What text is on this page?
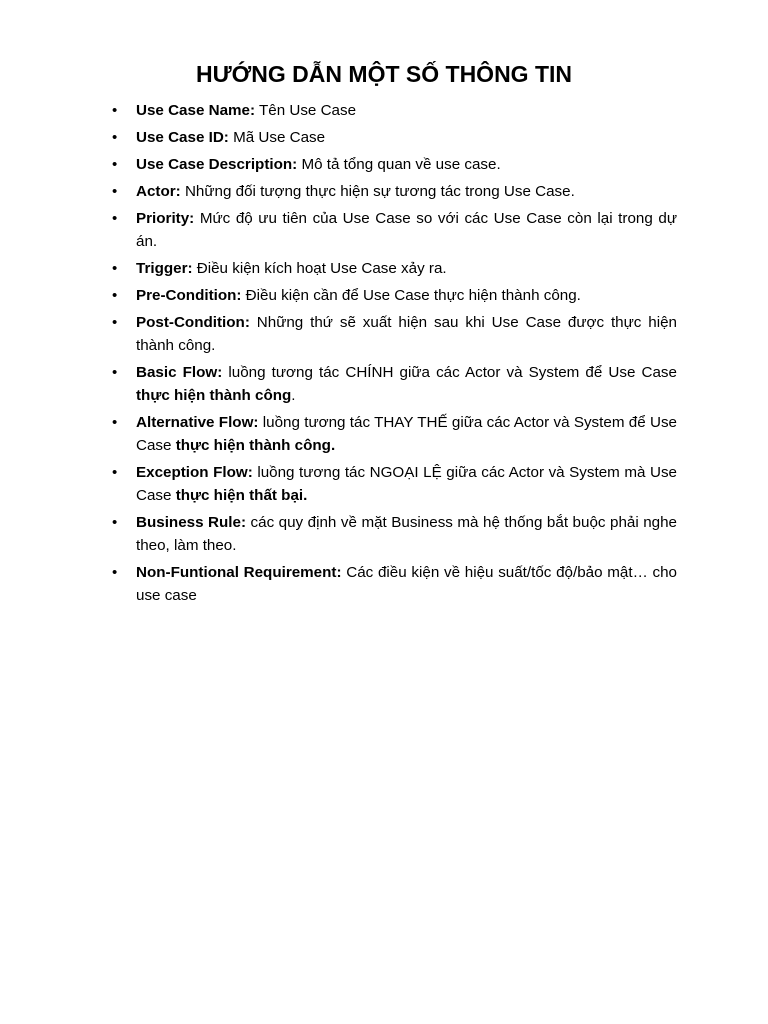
HƯỚNG DẪN MỘT SỐ THÔNG TIN
• Use Case Name: Tên Use Case
• Use Case ID: Mã Use Case
• Use Case Description: Mô tả tổng quan về use case.
• Actor: Những đối tượng thực hiện sự tương tác trong Use Case.
• Priority: Mức độ ưu tiên của Use Case so với các Use Case còn lại trong dự án.
• Trigger: Điều kiện kích hoạt Use Case xảy ra.
• Pre-Condition: Điều kiện cần để Use Case thực hiện thành công.
• Post-Condition: Những thứ sẽ xuất hiện sau khi Use Case được thực hiện thành công.
• Basic Flow: luồng tương tác CHÍNH giữa các Actor và System để Use Case thực hiện thành công.
• Alternative Flow: luồng tương tác THAY THẾ giữa các Actor và System để Use Case thực hiện thành công.
• Exception Flow: luồng tương tác NGOẠI LỆ giữa các Actor và System mà Use Case thực hiện thất bại.
• Business Rule: các quy định về mặt Business mà hệ thống bắt buộc phải nghe theo, làm theo.
• Non-Funtional Requirement: Các điều kiện về hiệu suất/tốc độ/bảo mật… cho use case
